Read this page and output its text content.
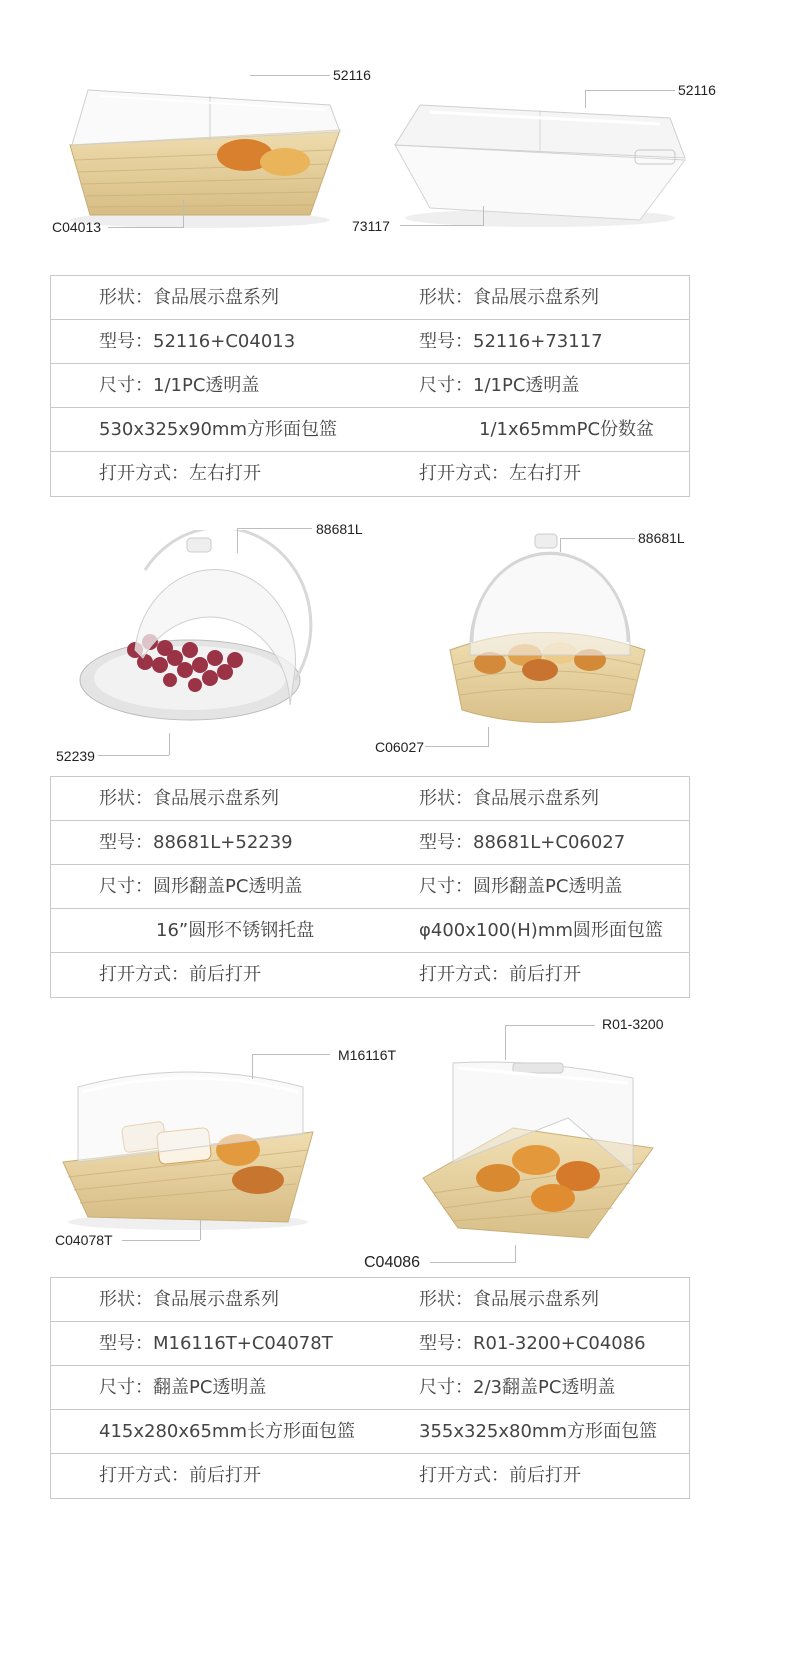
52116
C04013
52116
73117
形状：食品展示盘系列	形状：食品展示盘系列
型号：52116+C04013	型号：52116+73117
尺寸：1/1PC透明盖	尺寸：1/1PC透明盖
530x325x90mm方形面包篮	1/1x65mmPC份数盆
打开方式：左右打开	打开方式：左右打开
88681L
52239
88681L
C06027
形状：食品展示盘系列	形状：食品展示盘系列
型号：88681L+52239	型号：88681L+C06027
尺寸：圆形翻盖PC透明盖	尺寸：圆形翻盖PC透明盖
16”圆形不锈钢托盘	φ400x100(H)mm圆形面包篮
打开方式：前后打开	打开方式：前后打开
M16116T
C04078T
R01-3200
C04086
形状：食品展示盘系列	形状：食品展示盘系列
型号：M16116T+C04078T	型号：R01-3200+C04086
尺寸：翻盖PC透明盖	尺寸：2/3翻盖PC透明盖
415x280x65mm长方形面包篮	355x325x80mm方形面包篮
打开方式：前后打开	打开方式：前后打开
